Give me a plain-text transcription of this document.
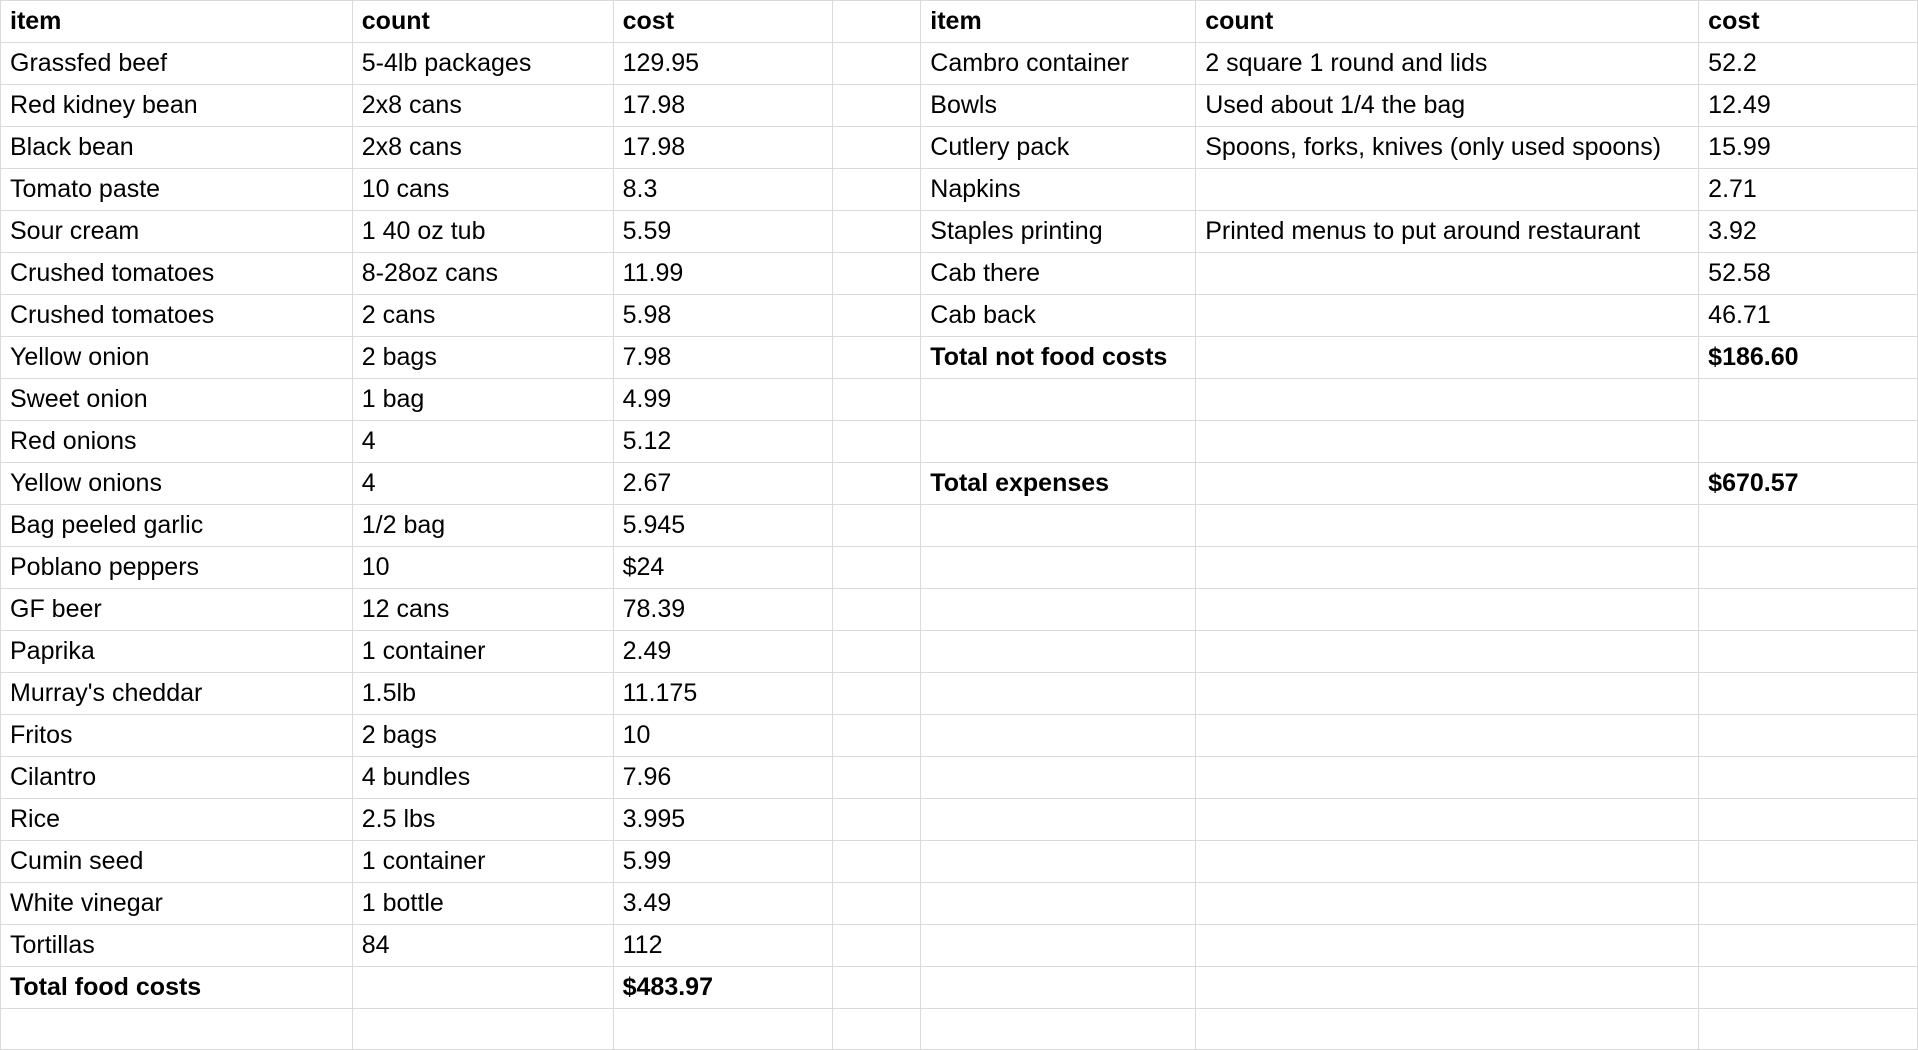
item	count	cost		item	count	cost
Grassfed beef	5-4lb packages	129.95		Cambro container	2 square 1 round and lids	52.2
Red kidney bean	2x8 cans	17.98		Bowls	Used about 1/4 the bag	12.49
Black bean	2x8 cans	17.98		Cutlery pack	Spoons, forks, knives (only used spoons)	15.99
Tomato paste	10 cans	8.3		Napkins		2.71
Sour cream	1 40 oz tub	5.59		Staples printing	Printed menus to put around restaurant	3.92
Crushed tomatoes	8-28oz cans	11.99		Cab there		52.58
Crushed tomatoes	2 cans	5.98		Cab back		46.71
Yellow onion	2 bags	7.98		Total not food costs		$186.60
Sweet onion	1 bag	4.99				
Red onions	4	5.12				
Yellow onions	4	2.67		Total expenses		$670.57
Bag peeled garlic	1/2 bag	5.945				
Poblano peppers	10	$24				
GF beer	12 cans	78.39				
Paprika	1 container	2.49				
Murray's cheddar	1.5lb	11.175				
Fritos	2 bags	10				
Cilantro	4 bundles	7.96				
Rice	2.5 lbs	3.995				
Cumin seed	1 container	5.99				
White vinegar	1 bottle	3.49				
Tortillas	84	112				
Total food costs		$483.97				
